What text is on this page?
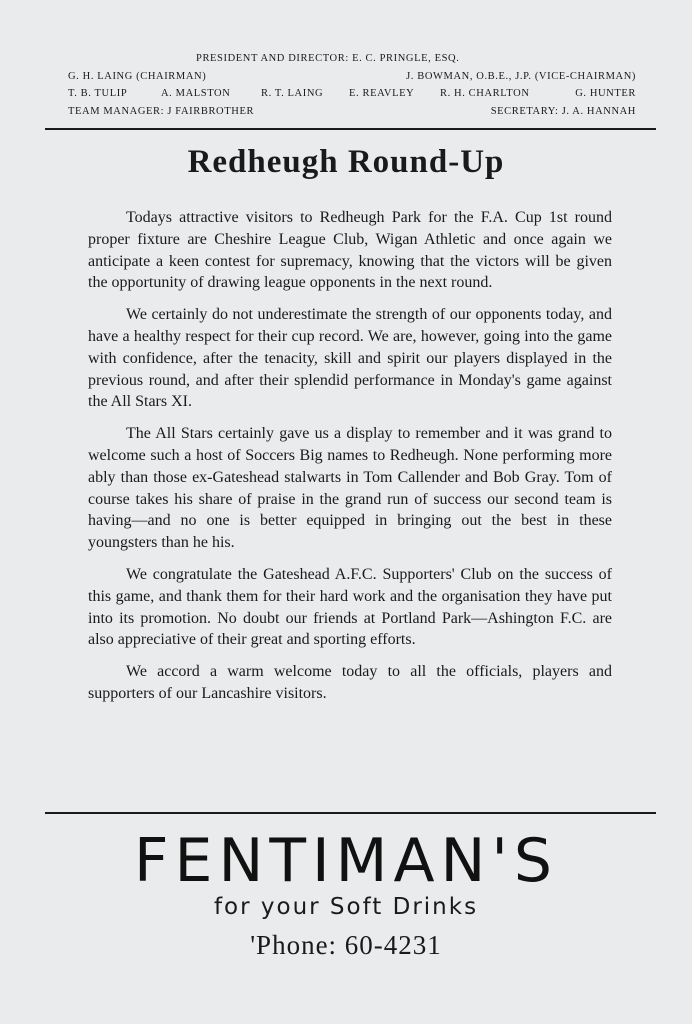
PRESIDENT AND DIRECTOR: E. C. PRINGLE, ESQ.
G. H. LAING (CHAIRMAN)	J. BOWMAN, O.B.E., J.P. (VICE-CHAIRMAN)
T. B. TULIP	A. MALSTON	R. T. LAING E. REAVLEY R. H. CHARLTON	G. HUNTER
TEAM MANAGER: J FAIRBROTHER	SECRETARY: J. A. HANNAH
Redheugh Round-Up

Todays attractive visitors to Redheugh Park for the F.A. Cup 1st round proper fixture are Cheshire League Club, Wigan Athletic and once again we anticipate a keen contest for supremacy, knowing that the victors will be given the opportunity of drawing league opponents in the next round.

We certainly do not underestimate the strength of our opponents today, and have a healthy respect for their cup record. We are, however, going into the game with confidence, after the tenacity, skill and spirit our players displayed in the previous round, and after their splendid performance in Monday's game against the All Stars XI.

The All Stars certainly gave us a display to remember and it was grand to welcome such a host of Soccers Big names to Redheugh. None performing more ably than those ex-Gateshead stalwarts in Tom Callender and Bob Gray. Tom of course takes his share of praise in the grand run of success our second team is having—and no one is better equipped in bringing out the best in these youngsters than he his.

We congratulate the Gateshead A.F.C. Supporters' Club on the success of this game, and thank them for their hard work and the organisation they have put into its promotion. No doubt our friends at Portland Park—Ashington F.C. are also appreciative of their great and sporting efforts.

We accord a warm welcome today to all the officials, players and supporters of our Lancashire visitors.

FENTIMAN'S
for your Soft Drinks
'Phone: 60-4231
